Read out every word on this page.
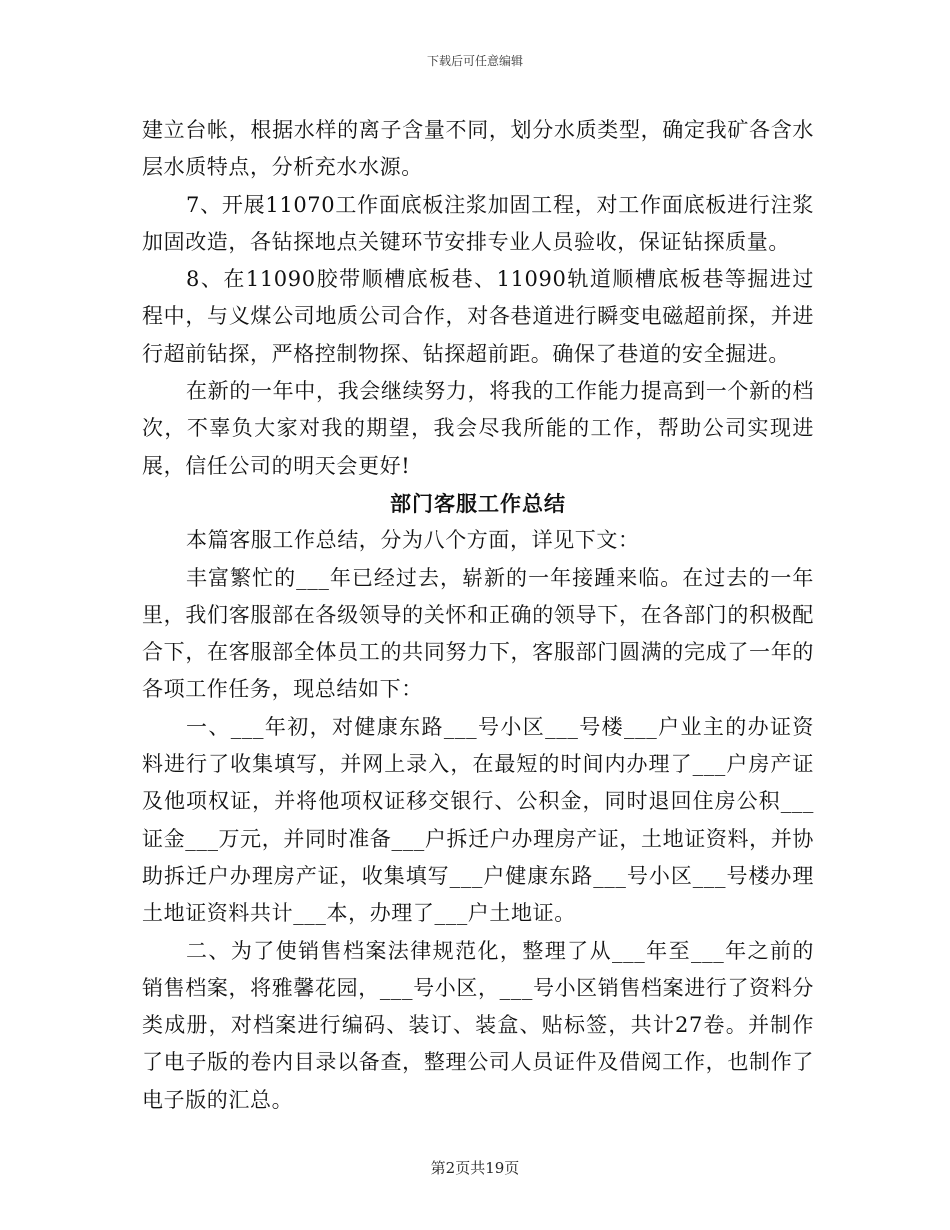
下载后可任意编辑

建立台帐，根据水样的离子含量不同，划分水质类型，确定我矿各含水层水质特点，分析充水水源。

7、开展11070工作面底板注浆加固工程，对工作面底板进行注浆加固改造，各钻探地点关键环节安排专业人员验收，保证钻探质量。

8、在11090胶带顺槽底板巷、11090轨道顺槽底板巷等掘进过程中，与义煤公司地质公司合作，对各巷道进行瞬变电磁超前探，并进行超前钻探，严格控制物探、钻探超前距。确保了巷道的安全掘进。

在新的一年中，我会继续努力，将我的工作能力提高到一个新的档次，不辜负大家对我的期望，我会尽我所能的工作，帮助公司实现进展，信任公司的明天会更好!

部门客服工作总结

本篇客服工作总结，分为八个方面，详见下文：

丰富繁忙的___年已经过去，崭新的一年接踵来临。在过去的一年里，我们客服部在各级领导的关怀和正确的领导下，在各部门的积极配合下，在客服部全体员工的共同努力下，客服部门圆满的完成了一年的各项工作任务，现总结如下：

一、___年初，对健康东路___号小区___号楼___户业主的办证资料进行了收集填写，并网上录入，在最短的时间内办理了___户房产证及他项权证，并将他项权证移交银行、公积金，同时退回住房公积___证金___万元，并同时准备___户拆迁户办理房产证，土地证资料，并协助拆迁户办理房产证，收集填写___户健康东路___号小区___号楼办理土地证资料共计___本，办理了___户土地证。

二、为了使销售档案法律规范化，整理了从___年至___年之前的销售档案，将雅馨花园，___号小区，___号小区销售档案进行了资料分类成册，对档案进行编码、装订、装盒、贴标签，共计27卷。并制作了电子版的卷内目录以备查，整理公司人员证件及借阅工作，也制作了电子版的汇总。

第2页共19页
